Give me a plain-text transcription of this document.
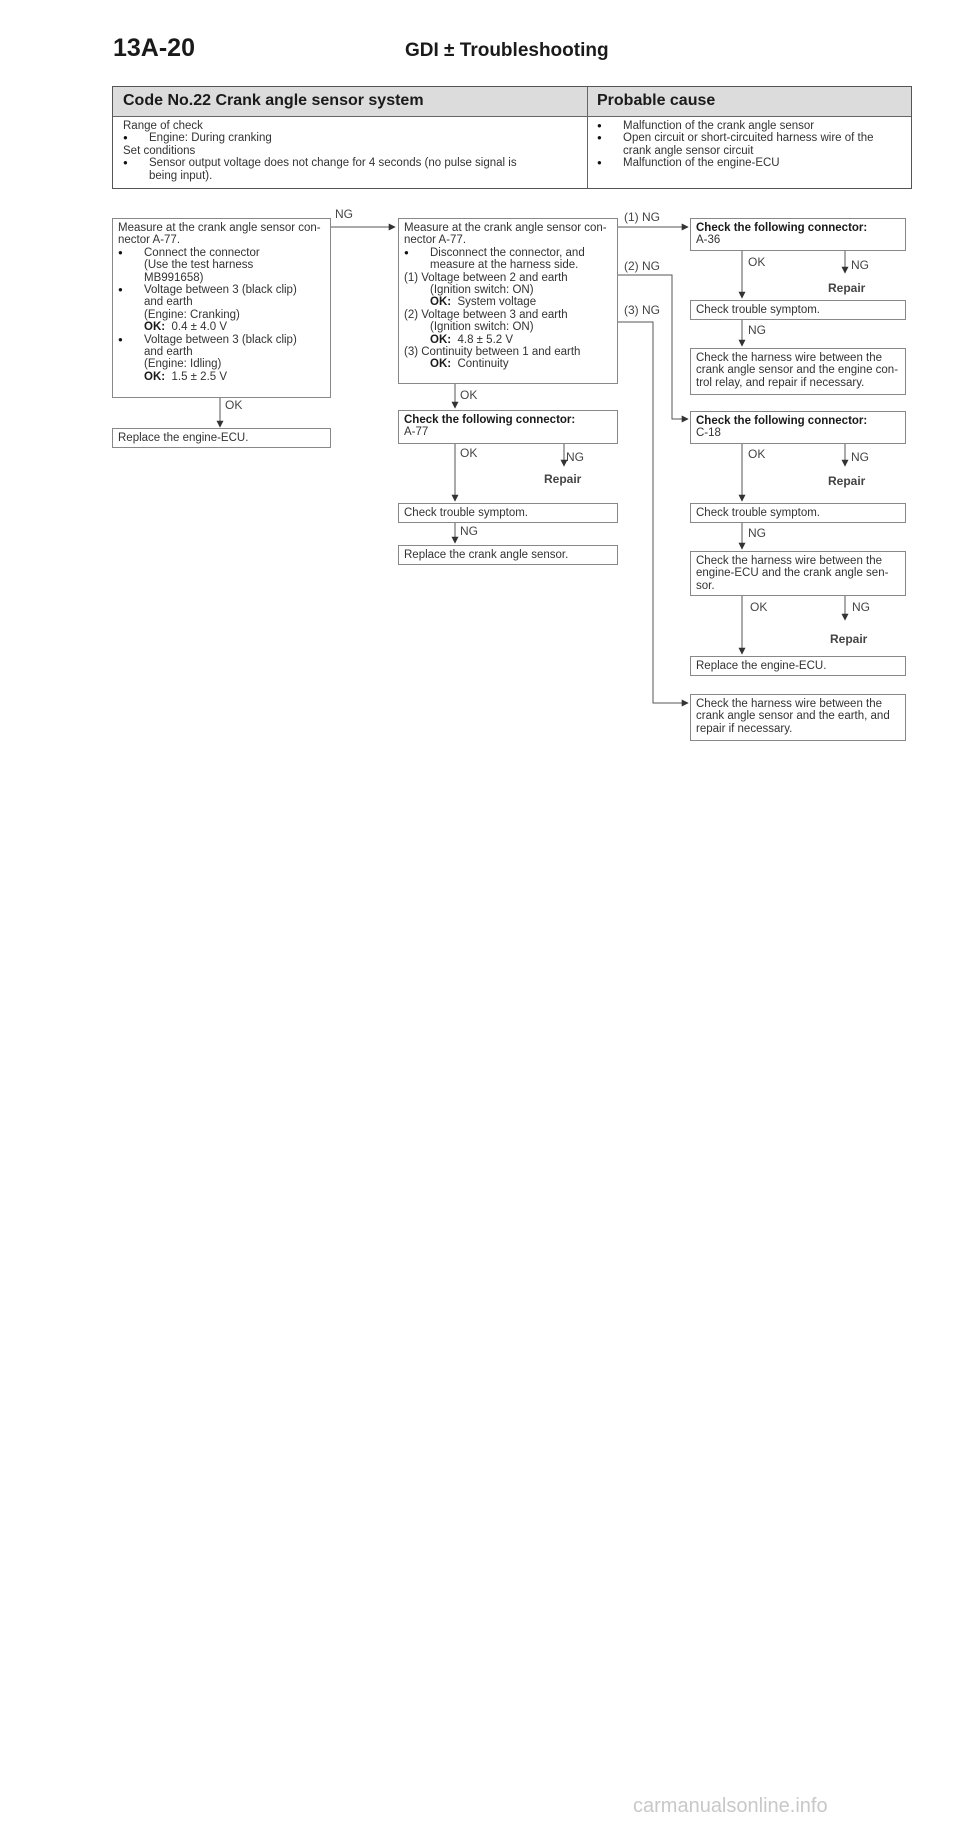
13A-20	GDI ± Troubleshooting
Code No.22 Crank angle sensor system	Probable cause
Range of check
● Engine: During cranking
Set conditions
● Sensor output voltage does not change for 4 seconds (no pulse signal is
being input).
● Malfunction of the crank angle sensor
● Open circuit or short-circuited harness wire of the
crank angle sensor circuit
● Malfunction of the engine-ECU
Measure at the crank angle sensor con-
nector A-77.
● Connect the connector
(Use the test harness
MB991658)
● Voltage between 3 (black clip)
and earth
(Engine: Cranking)
OK: 0.4 ± 4.0 V
● Voltage between 3 (black clip)
and earth
(Engine: Idling)
OK: 1.5 ± 2.5 V
OK
NG
Replace the engine-ECU.
Measure at the crank angle sensor con-
nector A-77.
● Disconnect the connector, and
measure at the harness side.
(1) Voltage between 2 and earth
(Ignition switch: ON)
OK: System voltage
(2) Voltage between 3 and earth
(Ignition switch: ON)
OK: 4.8 ± 5.2 V
(3) Continuity between 1 and earth
OK: Continuity
OK
(1) NG
(2) NG
(3) NG
Check the following connector:
A-77
OK	NG
Repair
Check trouble symptom.
NG
Replace the crank angle sensor.
Check the following connector:
A-36
OK	NG
Repair
Check trouble symptom.
NG
Check the harness wire between the
crank angle sensor and the engine con-
trol relay, and repair if necessary.
Check the following connector:
C-18
OK	NG
Repair
Check trouble symptom.
NG
Check the harness wire between the
engine-ECU and the crank angle sen-
sor.
OK	NG
Repair
Replace the engine-ECU.
Check the harness wire between the
crank angle sensor and the earth, and
repair if necessary.
carmanualsonline.info
